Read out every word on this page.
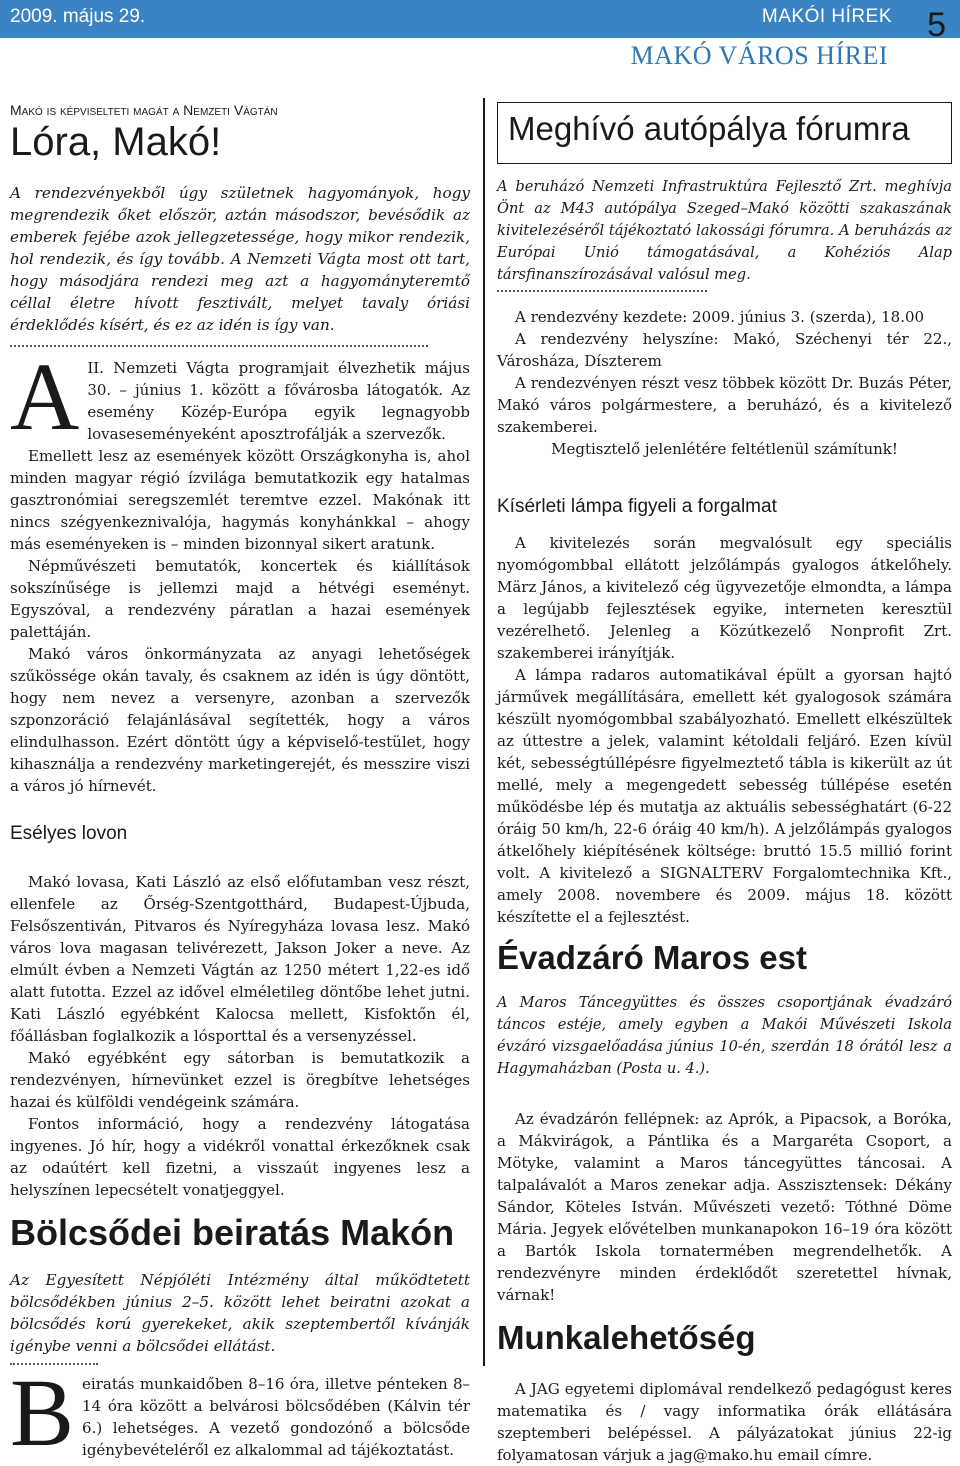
2009. május 29.	MAKÓI HÍREK 5
MAKÓ VÁROS HÍREI
Makó is képviselteti magát a Nemzeti Vágtán
Lóra, Makó!

A rendezvényekből úgy születnek hagyományok, hogy megrendezik őket először, aztán másodszor, bevésődik az emberek fejébe azok jellegzetessége, hogy mikor rendezik, hol rendezik, és így tovább. A Nemzeti Vágta most ott tart, hogy másodjára rendezi meg azt a hagyományteremtő céllal életre hívott fesztivált, melyet tavaly óriási érdeklődés kísért, és ez az idén is így van.

A II. Nemzeti Vágta programjait élvezhetik május 30. – június 1. között a fővárosba látogatók. Az esemény Közép-Európa egyik legnagyobb lovaseseményeként aposztrofálják a szervezők.

Emellett lesz az események között Országkonyha is, ahol minden magyar régió ízvilága bemutatkozik egy hatalmas gasztronómiai seregszemlét teremtve ezzel. Makónak itt nincs szégyenkeznivalója, hagymás konyhánkkal – ahogy más eseményeken is – minden bizonnyal sikert aratunk.

Népművészeti bemutatók, koncertek és kiállítások sokszínűsége is jellemzi majd a hétvégi eseményt. Egyszóval, a rendezvény páratlan a hazai események palettáján.

Makó város önkormányzata az anyagi lehetőségek szűkössége okán tavaly, és csaknem az idén is úgy döntött, hogy nem nevez a versenyre, azonban a szervezők szponzoráció felajánlásával segítették, hogy a város elindulhasson. Ezért döntött úgy a képviselő-testület, hogy kihasználja a rendezvény marketingerejét, és messzire viszi a város jó hírnevét.

Esélyes lovon

Makó lovasa, Kati László az első előfutamban vesz részt, ellenfele az Őrség-Szentgotthárd, Budapest-Újbuda, Felsőszentiván, Pitvaros és Nyíregyháza lovasa lesz. Makó város lova magasan telivérezett, Jakson Joker a neve. Az elmúlt évben a Nemzeti Vágtán az 1250 métert 1,22-es idő alatt futotta. Ezzel az idővel elméletileg döntőbe lehet jutni. Kati László egyébként Kalocsa mellett, Kisfoktőn él, főállásban foglalkozik a lósporttal és a versenyzéssel.

Makó egyébként egy sátorban is bemutatkozik a rendezvényen, hírnevünket ezzel is öregbítve lehetséges hazai és külföldi vendégeink számára.

Fontos információ, hogy a rendezvény látogatása ingyenes. Jó hír, hogy a vidékről vonattal érkezőknek csak az odaútért kell fizetni, a visszaút ingyenes lesz a helyszínen lepecsételt vonatjeggyel.

Bölcsődei beiratás Makón

Az Egyesített Népjóléti Intézmény által működtetett bölcsődékben június 2–5. között lehet beiratni azokat a bölcsődés korú gyerekeket, akik szeptembertől kívánják igénybe venni a bölcsődei ellátást.

B eiratás munkaidőben 8–16 óra, illetve pénteken 8–14 óra között a belvárosi bölcsődében (Kálvin tér 6.) lehetséges. A vezető gondozónő a bölcsőde igénybevételéről ez alkalommal ad tájékoztatást.

Meghívó autópálya fórumra

A beruházó Nemzeti Infrastruktúra Fejlesztő Zrt. meghívja Önt az M43 autópálya Szeged–Makó közötti szakaszának kivitelezéséről tájékoztató lakossági fórumra. A beruházás az Európai Unió támogatásával, a Kohéziós Alap társfinanszírozásával valósul meg.

A rendezvény kezdete: 2009. június 3. (szerda), 18.00

A rendezvény helyszíne: Makó, Széchenyi tér 22., Városháza, Díszterem

A rendezvényen részt vesz többek között Dr. Buzás Péter, Makó város polgármestere, a beruházó, és a kivitelező szakemberei.

Megtisztelő jelenlétére feltétlenül számítunk!

Kísérleti lámpa figyeli a forgalmat

A kivitelezés során megvalósult egy speciális nyomógombbal ellátott jelzőlámpás gyalogos átkelőhely. März János, a kivitelező cég ügyvezetője elmondta, a lámpa a legújabb fejlesztések egyike, interneten keresztül vezérelhető. Jelenleg a Közútkezelő Nonprofit Zrt. szakemberei irányítják.

A lámpa radaros automatikával épült a gyorsan hajtó járművek megállítására, emellett két gyalogosok számára készült nyomógombbal szabályozható. Emellett elkészültek az úttestre a jelek, valamint kétoldali feljáró. Ezen kívül két, sebességtúllépésre figyelmeztető tábla is kikerült az út mellé, mely a megengedett sebesség túllépése esetén működésbe lép és mutatja az aktuális sebességhatárt (6-22 óráig 50 km/h, 22-6 óráig 40 km/h). A jelzőlámpás gyalogos átkelőhely kiépítésének költsége: bruttó 15.5 millió forint volt. A kivitelező a SIGNALTERV Forgalomtechnika Kft., amely 2008. novembere és 2009. május 18. között készítette el a fejlesztést.

Évadzáró Maros est

A Maros Táncegyüttes és összes csoportjának évadzáró táncos estéje, amely egyben a Makói Művészeti Iskola évzáró vizsgaelőadása június 10-én, szerdán 18 órától lesz a Hagymaházban (Posta u. 4.).

Az évadzárón fellépnek: az Aprók, a Pipacsok, a Boróka, a Mákvirágok, a Pántlika és a Margaréta Csoport, a Mötyke, valamint a Maros táncegyüttes táncosai. A talpalávalót a Maros zenekar adja. Asszisztensek: Dékány Sándor, Köteles István. Művészeti vezető: Tóthné Döme Mária. Jegyek elővételben munkanapokon 16–19 óra között a Bartók Iskola tornatermében megrendelhetők. A rendezvényre minden érdeklődőt szeretettel hívnak, várnak!

Munkalehetőség

A JAG egyetemi diplomával rendelkező pedagógust keres matematika és / vagy informatika órák ellátására szeptemberi belépéssel. A pályázatokat június 22-ig folyamatosan várjuk a jag@mako.hu email címre.
